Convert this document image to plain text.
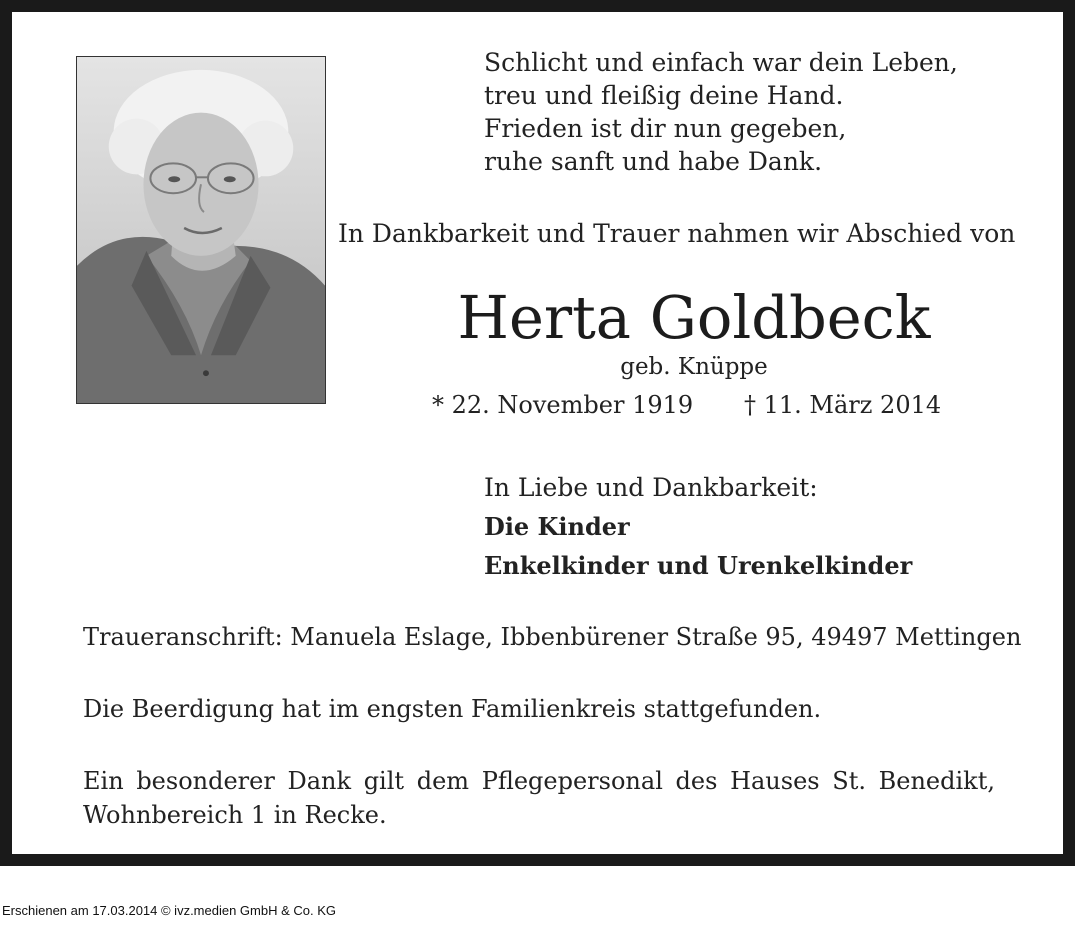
Schlicht und einfach war dein Leben,
treu und fleißig deine Hand.
Frieden ist dir nun gegeben,
ruhe sanft und habe Dank.
In Dankbarkeit und Trauer nahmen wir Abschied von
Herta Goldbeck
geb. Knüppe
* 22. November 1919 † 11. März 2014
In Liebe und Dankbarkeit:
Die Kinder
Enkelkinder und Urenkelkinder
Traueranschrift: Manuela Eslage, Ibbenbürener Straße 95, 49497 Mettingen
Die Beerdigung hat im engsten Familienkreis stattgefunden.
Ein besonderer Dank gilt dem Pflegepersonal des Hauses St. Benedikt, Wohnbereich 1 in Recke.
Erschienen am 17.03.2014 © ivz.medien GmbH & Co. KG
